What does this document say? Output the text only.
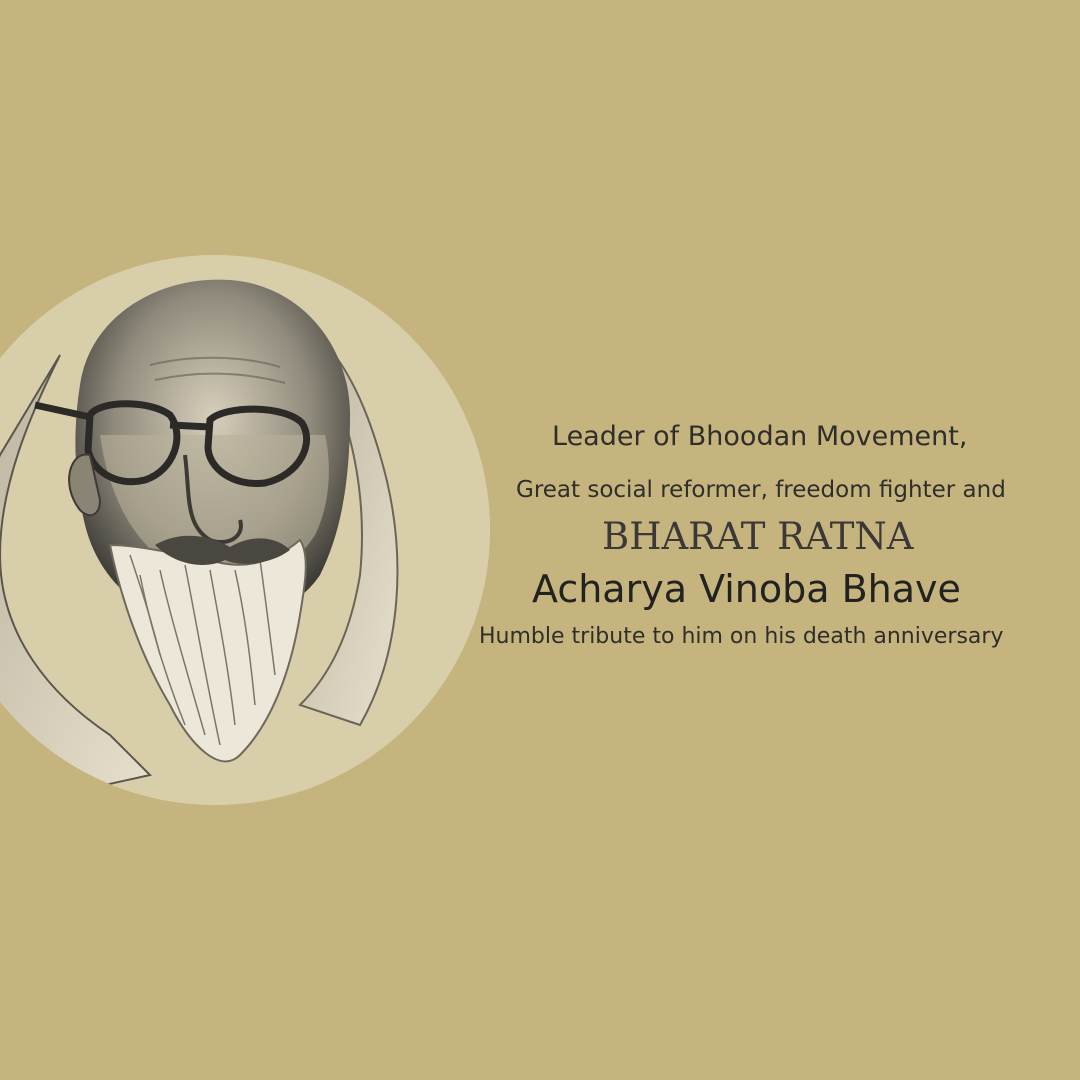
Leader of Bhoodan Movement,
Great social reformer, freedom fighter and
BHARAT RATNA
Acharya Vinoba Bhave
Humble tribute to him on his death anniversary
